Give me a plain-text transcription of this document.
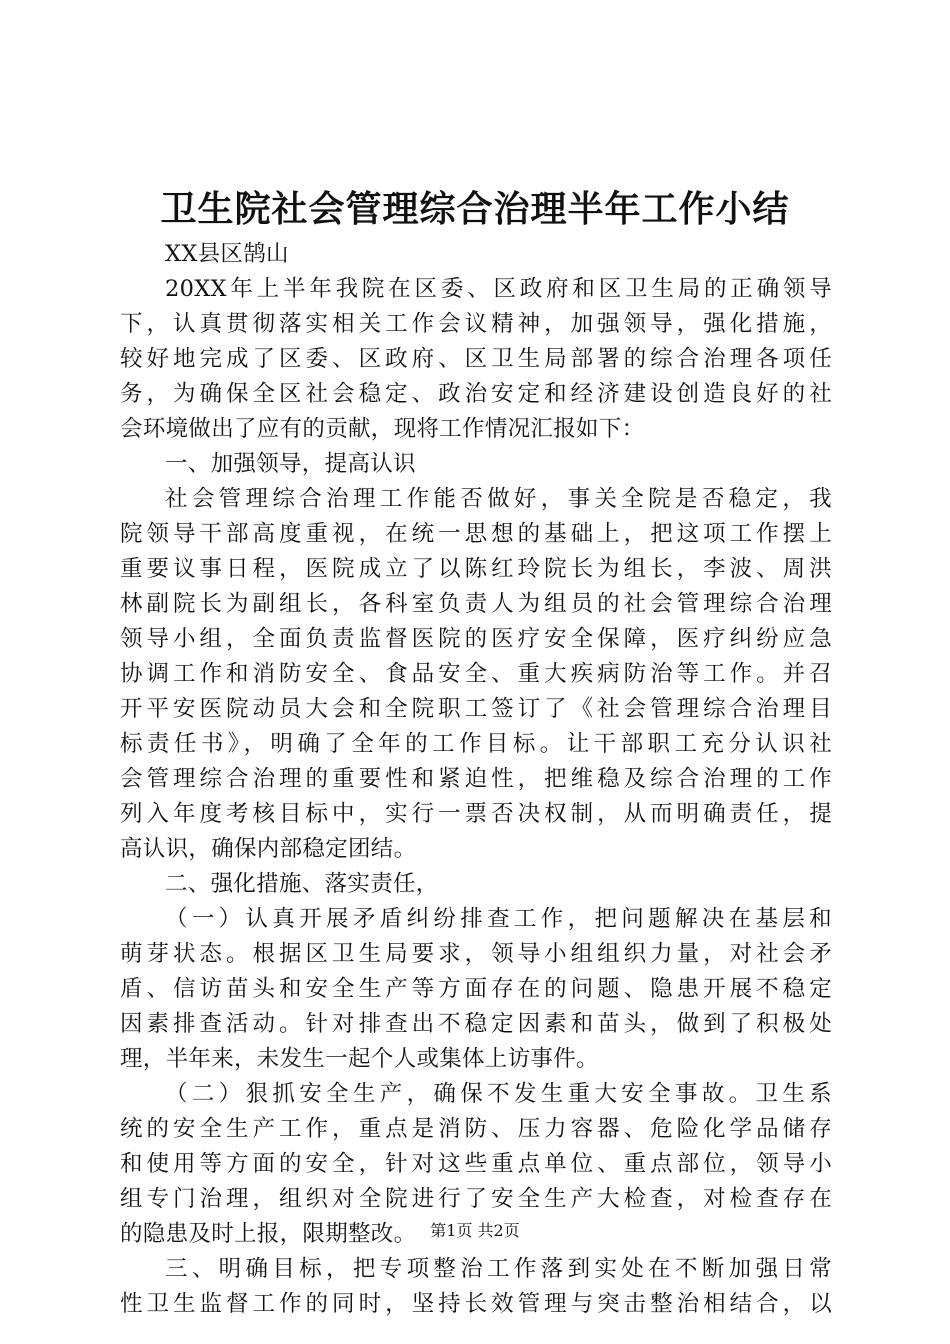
卫生院社会管理综合治理半年工作小结
XX县区鹄山
20XX年上半年我院在区委、区政府和区卫生局的正确领导
下，认真贯彻落实相关工作会议精神，加强领导，强化措施，
较好地完成了区委、区政府、区卫生局部署的综合治理各项任
务，为确保全区社会稳定、政治安定和经济建设创造良好的社
会环境做出了应有的贡献，现将工作情况汇报如下：
一、加强领导，提高认识
社会管理综合治理工作能否做好，事关全院是否稳定，我
院领导干部高度重视，在统一思想的基础上，把这项工作摆上
重要议事日程，医院成立了以陈红玲院长为组长，李波、周洪
林副院长为副组长，各科室负责人为组员的社会管理综合治理
领导小组，全面负责监督医院的医疗安全保障，医疗纠纷应急
协调工作和消防安全、食品安全、重大疾病防治等工作。并召
开平安医院动员大会和全院职工签订了《社会管理综合治理目
标责任书》，明确了全年的工作目标。让干部职工充分认识社
会管理综合治理的重要性和紧迫性，把维稳及综合治理的工作
列入年度考核目标中，实行一票否决权制，从而明确责任，提
高认识，确保内部稳定团结。
二、强化措施、落实责任，
（一）认真开展矛盾纠纷排查工作，把问题解决在基层和
萌芽状态。根据区卫生局要求，领导小组组织力量，对社会矛
盾、信访苗头和安全生产等方面存在的问题、隐患开展不稳定
因素排查活动。针对排查出不稳定因素和苗头，做到了积极处
理，半年来，未发生一起个人或集体上访事件。
（二）狠抓安全生产，确保不发生重大安全事故。卫生系
统的安全生产工作，重点是消防、压力容器、危险化学品储存
和使用等方面的安全，针对这些重点单位、重点部位，领导小
组专门治理，组织对全院进行了安全生产大检查，对检查存在
的隐患及时上报，限期整改。
三、明确目标，把专项整治工作落到实处在不断加强日常
性卫生监督工作的同时，坚持长效管理与突击整治相结合，以
第1页 共2页
